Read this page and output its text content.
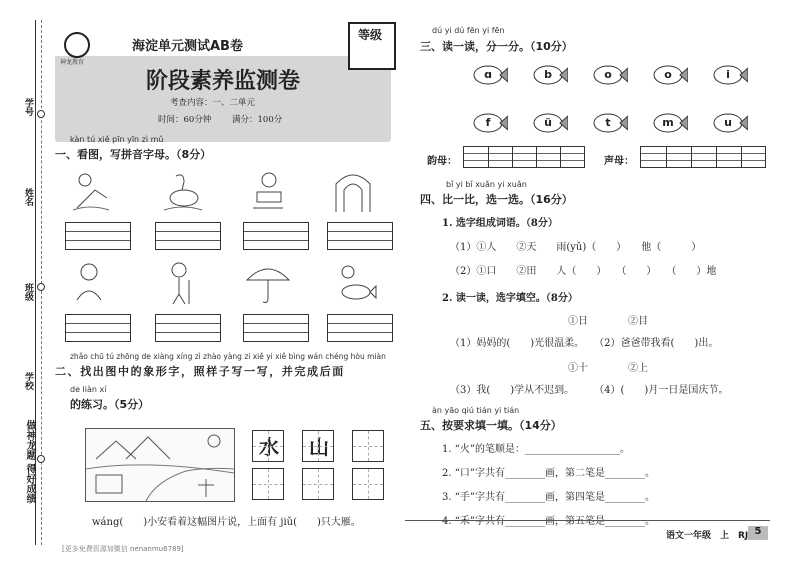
学号
姓名
班级
学校
做神龙题 得好成绩
神龙教育
海淀单元测试AB卷
等级
阶段素养监测卷
考查内容：一、二单元
时间：60分钟 满分：100分
kàn tú xiě pīn yīn zì mǔ
一、看图，写拼音字母。（8分）
zhǎo chū tú zhōng de xiàng xíng zì zhào yàng zi xiě yi xiě bìng wán chéng hòu miàn
二、找出图中的象形字，照样子写一写，并完成后面
de liàn xí
的练习。（5分）
水	山
wáng(　　)小安看着这幅图片说，上面有 jiǔ(　　)只大雁。
[更多免费资源加微信 nenanmu6789]
dú yi dú fēn yi fēn
三、读一读，分一分。（10分）
ɑ	b	o	o	i
f	ü	t	m	u
韵母：	声母：
bǐ yi bǐ xuǎn yi xuǎn
四、比一比，选一选。（16分）
1. 选字组成词语。（8分）
（1）①人　　②天　　雨(yǔ)（　　）　　他（　　　）
（2）①口　　②田　　人（　　）　　（　　）　　（　　）地
2. 读一读，选字填空。（8分）
①日　　　　②目
（1）妈妈的(　　)光很温柔。　　（2）爸爸带我看(　　)出。
①十　　　　②上
（3）我(　　)学从不迟到。　　　（4）(　　)月一日是国庆节。
àn yāo qiú tián yi tián
五、按要求填一填。（14分）
1. “火”的笔顺是：___________________。
2. “口”字共有________画，第二笔是________。
3. “手”字共有________画，第四笔是________。
4. “禾”字共有________画，第五笔是________。
语文一年级　上　RJ 5
